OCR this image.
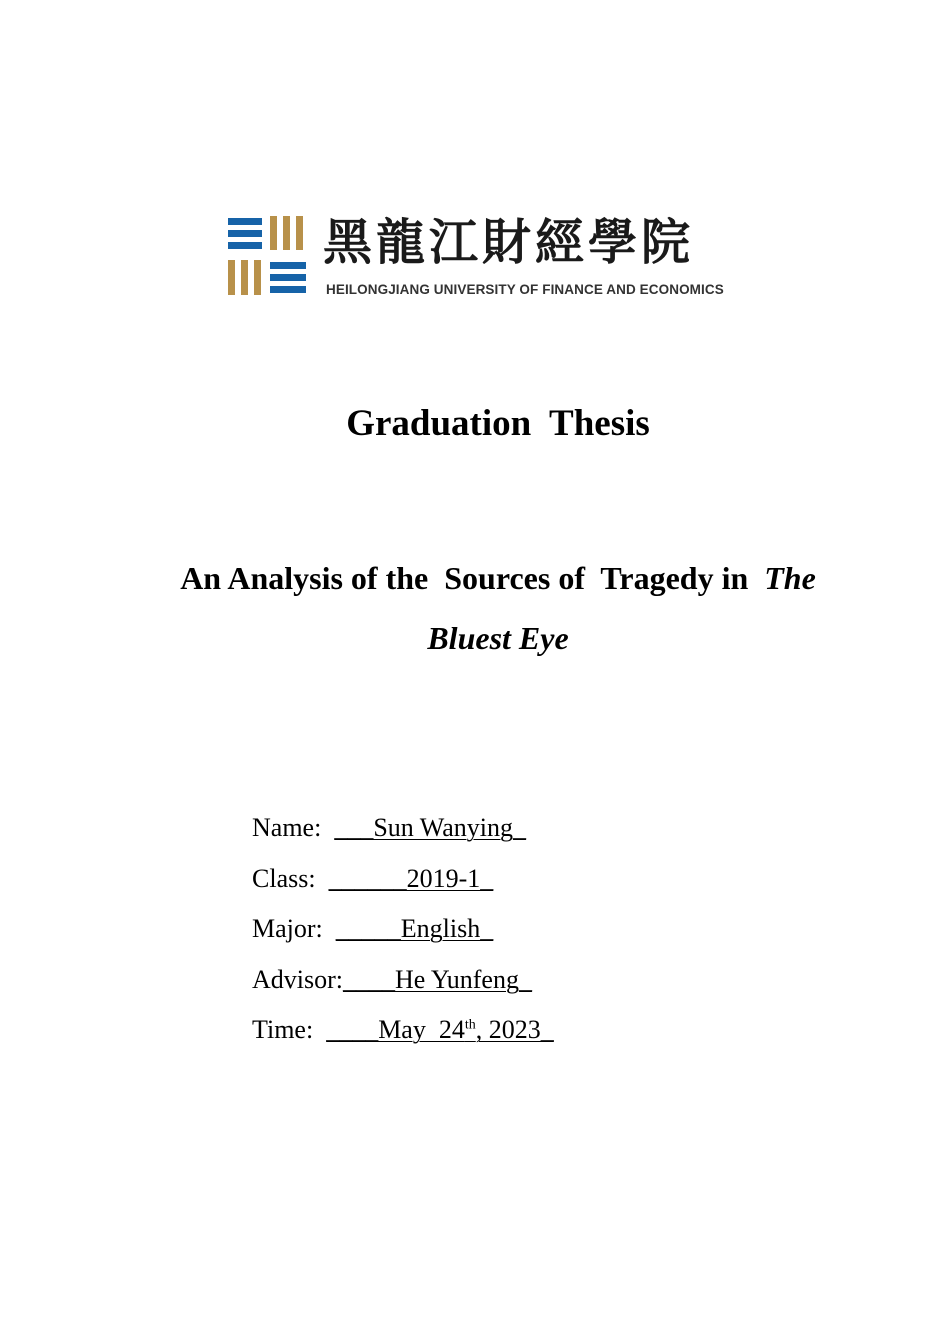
黑龍江財經學院
HEILONGJIANG UNIVERSITY OF FINANCE AND ECONOMICS
Graduation  Thesis
An Analysis of the  Sources of  Tragedy in  The
Bluest Eye
Name:  ___Sun Wanying_
Class:  ______2019-1_
Major:  _____English_
Advisor:____He Yunfeng_
Time:  ____May  24th, 2023_
